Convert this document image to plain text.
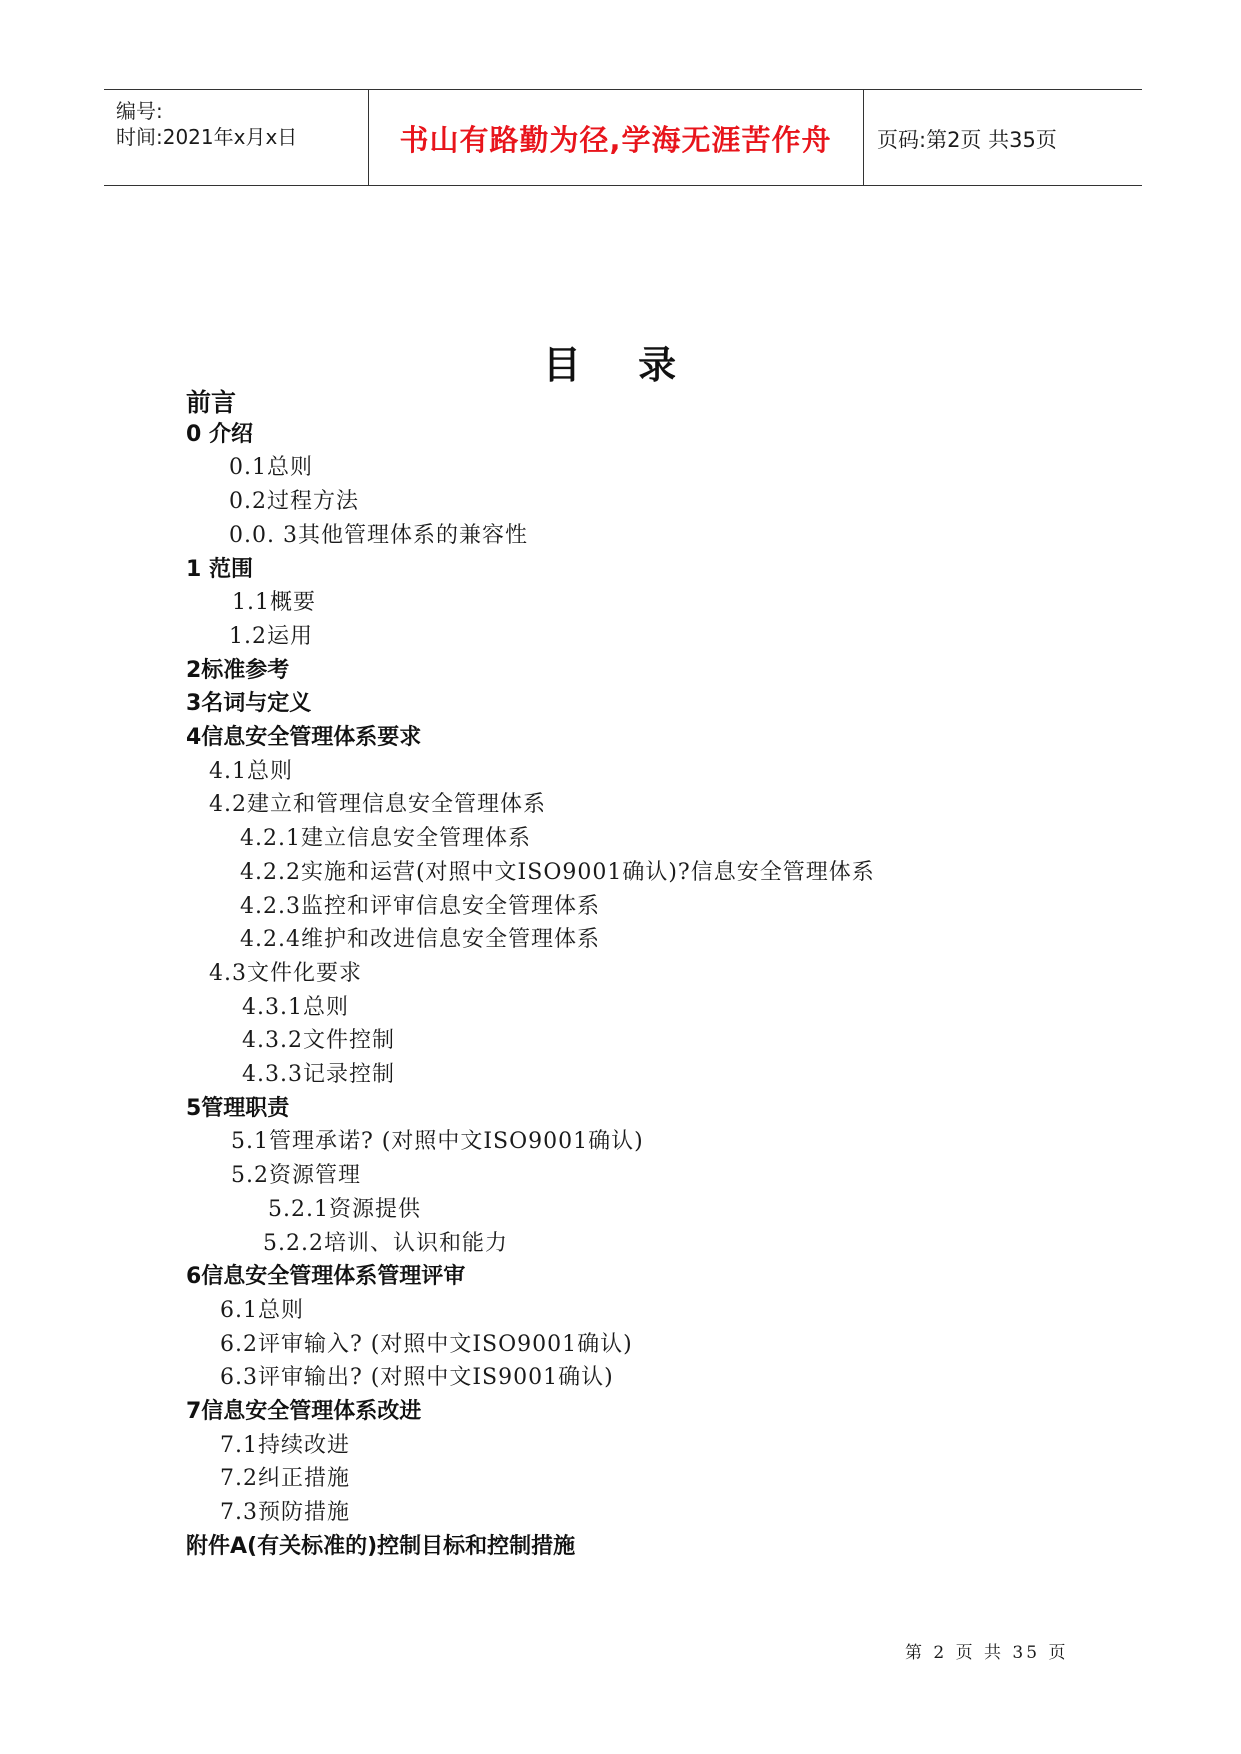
编号:
时间:2021年x月x日	书山有路勤为径,学海无涯苦作舟	页码:第2页 共35页
目 录
前言
0 介绍
0.1总则
0.2过程方法
0.0. 3其他管理体系的兼容性
1 范围
1.1概要
1.2运用
2标准参考
3名词与定义
4信息安全管理体系要求
4.1总则
4.2建立和管理信息安全管理体系
4.2.1建立信息安全管理体系
4.2.2实施和运营(对照中文ISO9001确认)?信息安全管理体系
4.2.3监控和评审信息安全管理体系
4.2.4维护和改进信息安全管理体系
4.3文件化要求
4.3.1总则
4.3.2文件控制
4.3.3记录控制
5管理职责
5.1管理承诺? (对照中文ISO9001确认)
5.2资源管理
5.2.1资源提供
5.2.2培训、认识和能力
6信息安全管理体系管理评审
6.1总则
6.2评审输入? (对照中文ISO9001确认)
6.3评审输出? (对照中文IS9001确认)
7信息安全管理体系改进
7.1持续改进
7.2纠正措施
7.3预防措施
附件A(有关标准的)控制目标和控制措施
第 2 页 共 35 页
